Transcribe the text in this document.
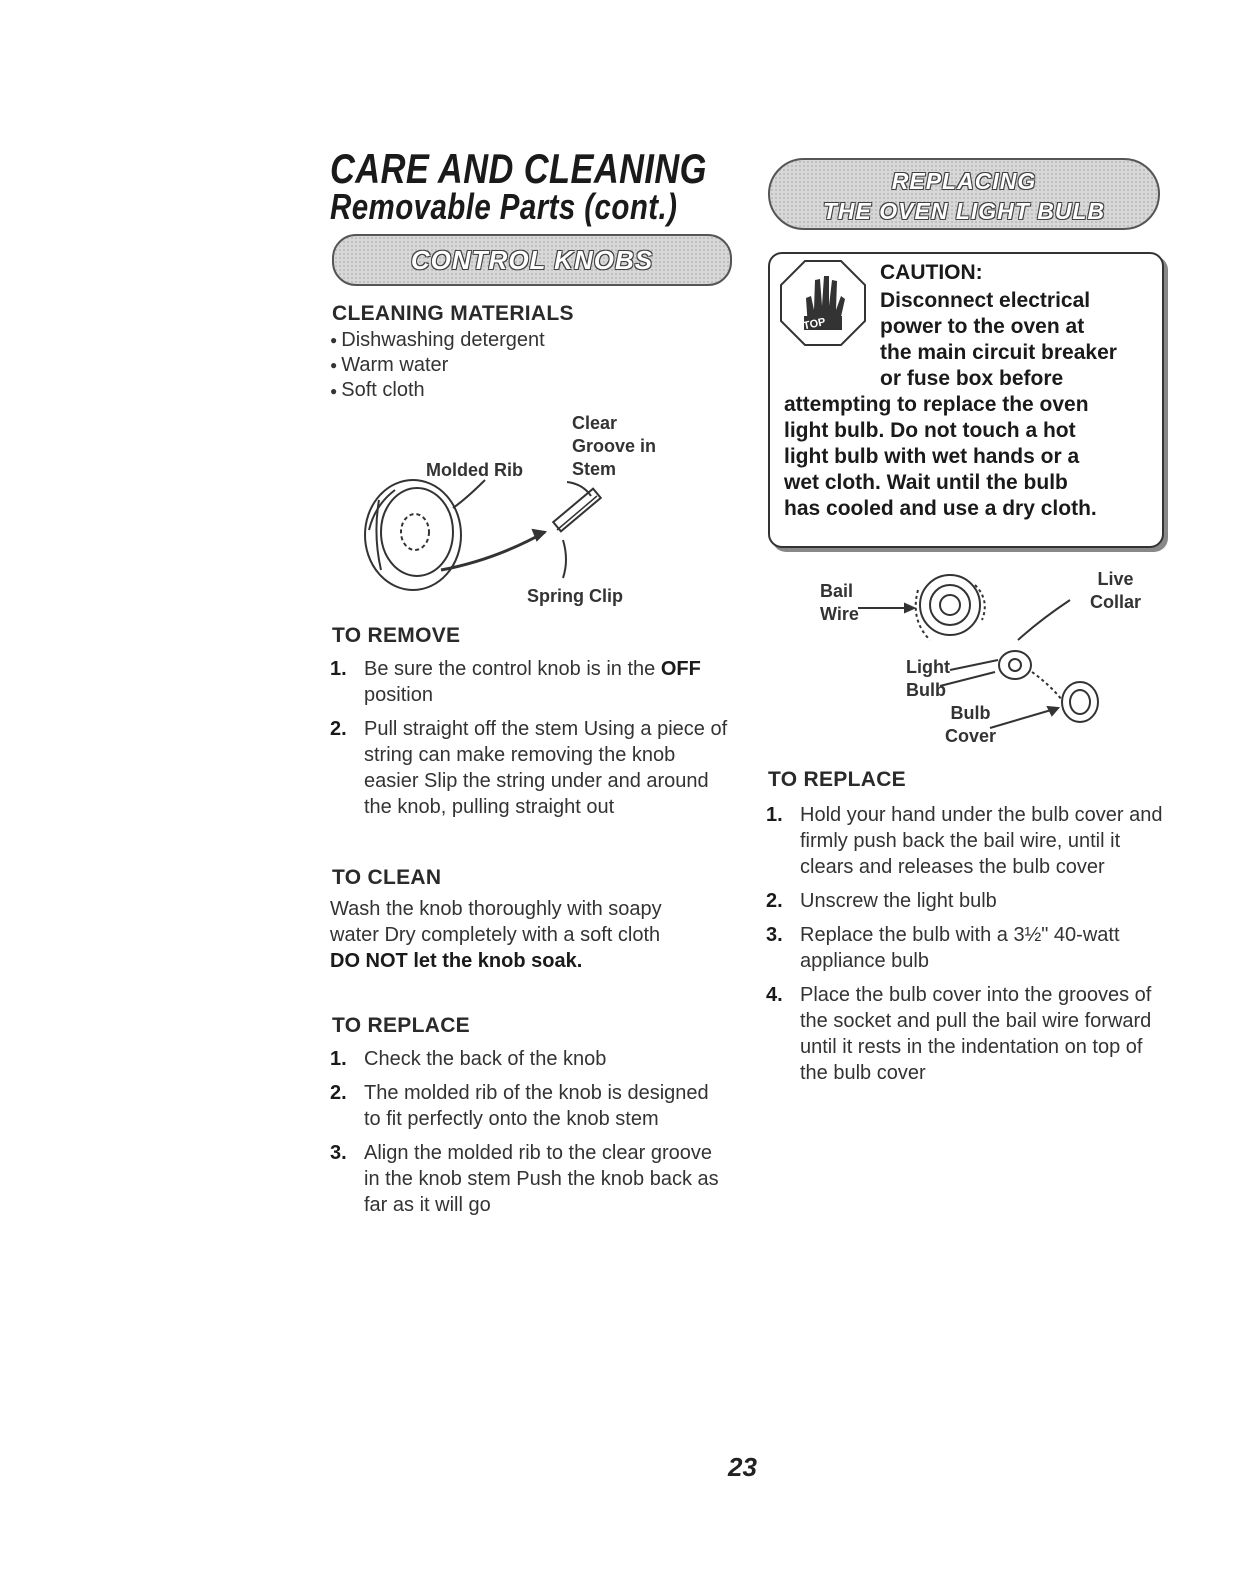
CARE AND CLEANING
Removable Parts (cont.)
CONTROL KNOBS
CLEANING MATERIALS
● Dishwashing detergent
● Warm water
● Soft cloth
Clear
Groove in
Stem
Molded Rib
Spring Clip
TO REMOVE
1. Be sure the control knob is in the OFF position
2. Pull straight off the stem Using a piece of string can make removing the knob easier Slip the string under and around the knob, pulling straight out
TO CLEAN
Wash the knob thoroughly with soapy water Dry completely with a soft cloth DO NOT let the knob soak.
TO REPLACE
1. Check the back of the knob
2. The molded rib of the knob is designed to fit perfectly onto the knob stem
3. Align the molded rib to the clear groove in the knob stem Push the knob back as far as it will go
REPLACING
THE OVEN LIGHT BULB
STOP
CAUTION:
Disconnect electrical
power to the oven at
the main circuit breaker
or fuse box before
attempting to replace the oven
light bulb. Do not touch a hot
light bulb with wet hands or a
wet cloth. Wait until the bulb
has cooled and use a dry cloth.
Bail
Wire
Live
Collar
Light
Bulb
Bulb
Cover
TO REPLACE
1. Hold your hand under the bulb cover and firmly push back the bail wire, until it clears and releases the bulb cover
2. Unscrew the light bulb
3. Replace the bulb with a 3½" 40-watt appliance bulb
4. Place the bulb cover into the grooves of the socket and pull the bail wire forward until it rests in the indentation on top of the bulb cover
23
